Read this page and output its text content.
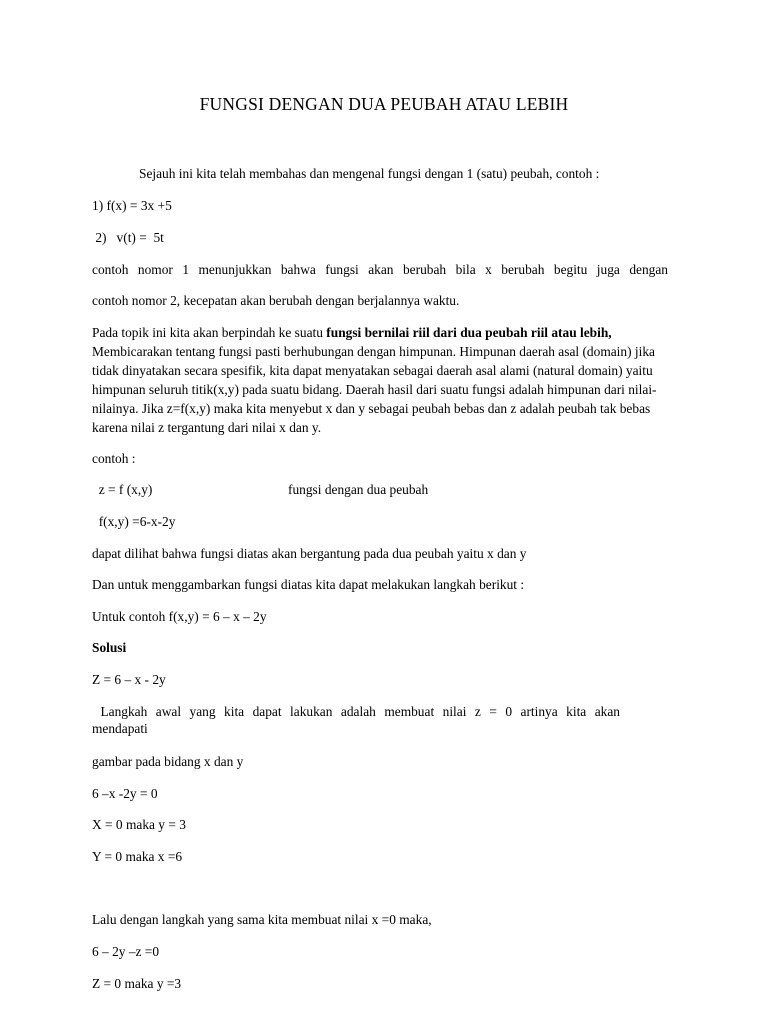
FUNGSI DENGAN DUA PEUBAH ATAU LEBIH
Sejauh ini kita telah membahas dan mengenal fungsi dengan 1 (satu) peubah, contoh :
1) f(x) = 3x +5
2)   v(t) =  5t
contoh nomor 1 menunjukkan bahwa fungsi akan berubah bila x berubah begitu juga dengan
contoh nomor 2, kecepatan akan berubah dengan berjalannya waktu.
Pada topik ini kita akan berpindah ke suatu fungsi bernilai riil dari dua peubah riil atau lebih, Membicarakan tentang fungsi pasti berhubungan dengan himpunan. Himpunan daerah asal (domain) jika tidak dinyatakan secara spesifik, kita dapat menyatakan sebagai daerah asal alami (natural domain) yaitu himpunan seluruh titik(x,y) pada suatu bidang. Daerah hasil dari suatu fungsi adalah himpunan dari nilai-nilainya. Jika z=f(x,y) maka kita menyebut x dan y sebagai peubah bebas dan z adalah peubah tak bebas karena nilai z tergantung dari nilai x dan y.
contoh :
z = f (x,y)	fungsi dengan dua peubah
f(x,y) =6-x-2y
dapat dilihat bahwa fungsi diatas akan bergantung pada dua peubah yaitu x dan y
Dan untuk menggambarkan fungsi diatas kita dapat melakukan langkah berikut :
Untuk contoh f(x,y) = 6 – x – 2y
Solusi
Z = 6 – x - 2y
Langkah awal yang kita dapat lakukan adalah membuat nilai z = 0 artinya kita akan
mendapati
gambar pada bidang x dan y
6 –x -2y = 0
X = 0 maka y = 3
Y = 0 maka x =6
Lalu dengan langkah yang sama kita membuat nilai x =0 maka,
6 – 2y –z =0
Z = 0 maka y =3
